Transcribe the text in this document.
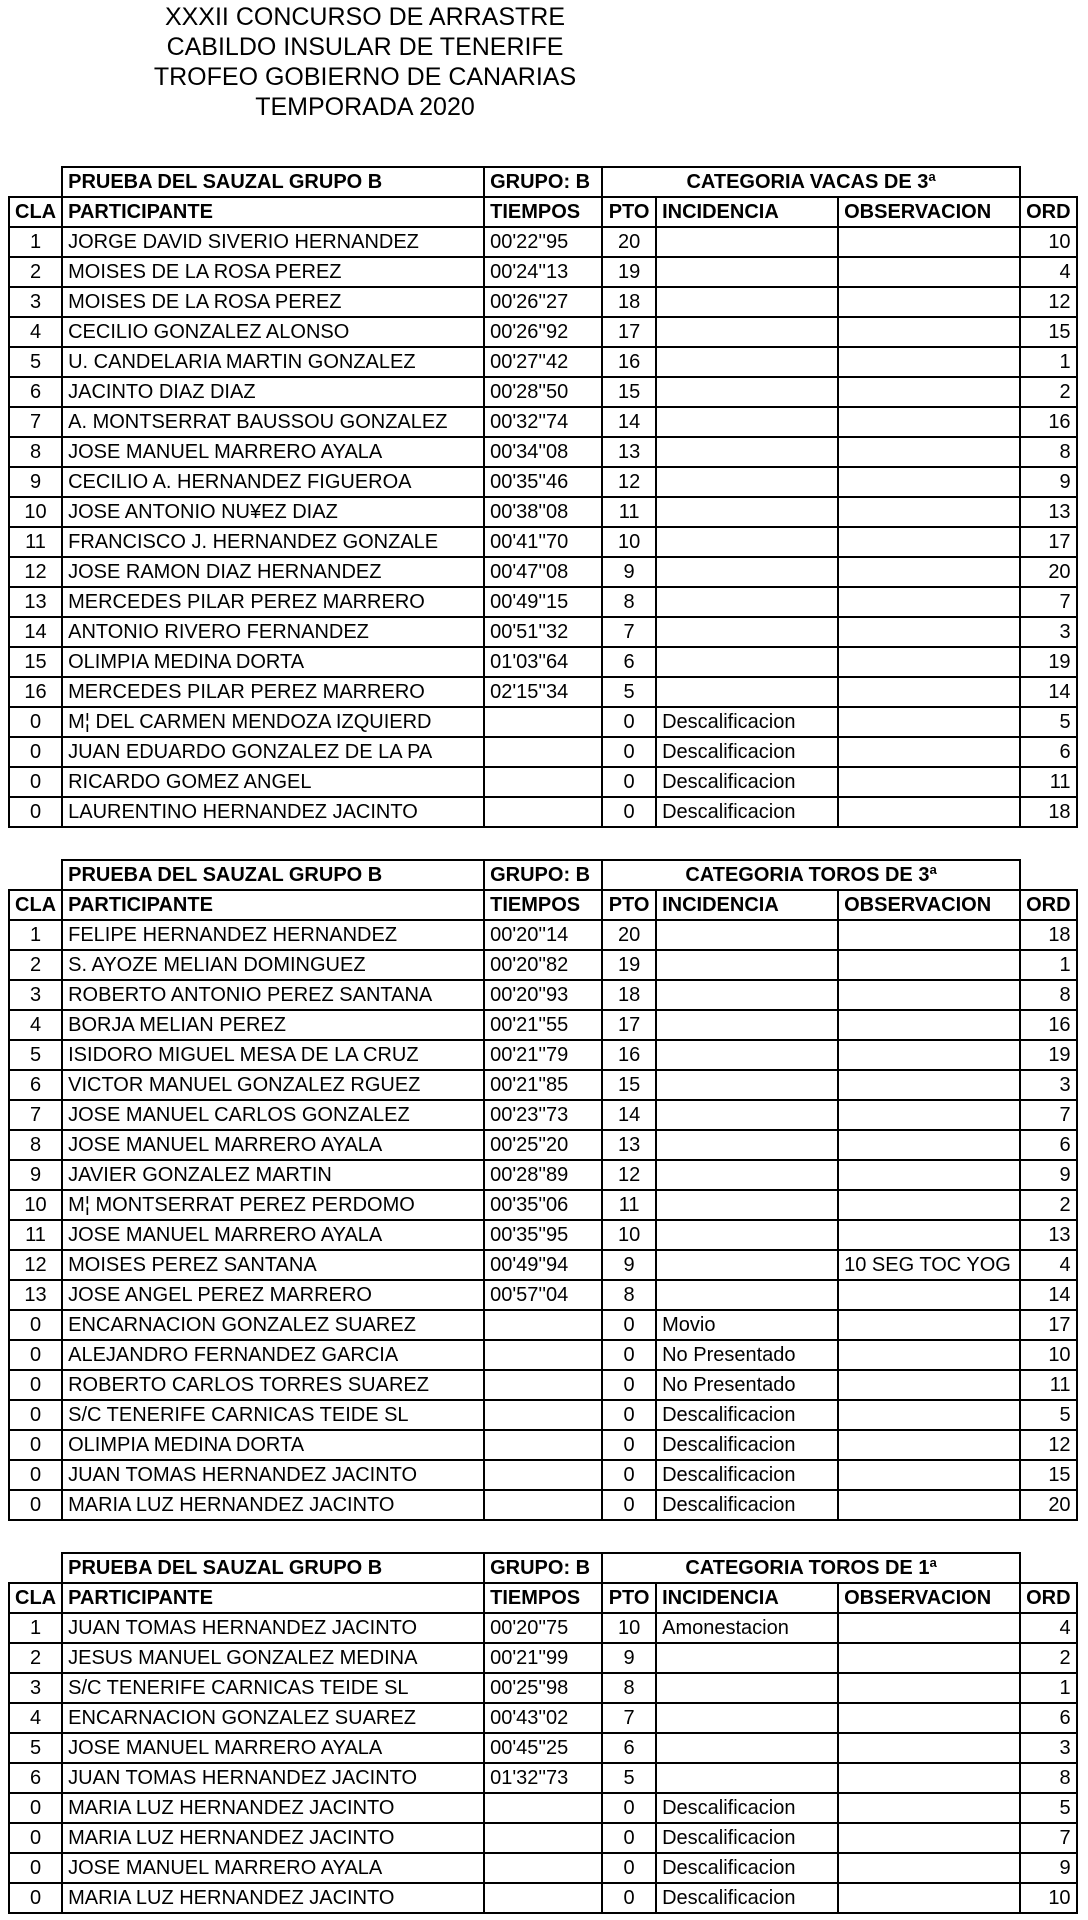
XXXII CONCURSO DE ARRASTRE
CABILDO INSULAR DE TENERIFE
TROFEO GOBIERNO DE CANARIAS
TEMPORADA 2020
	PRUEBA DEL SAUZAL GRUPO B	GRUPO: B	CATEGORIA VACAS DE 3ª			
CLA	PARTICIPANTE	TIEMPOS	PTO	INCIDENCIA	OBSERVACION	ORD
1	JORGE DAVID SIVERIO HERNANDEZ	00'22''95	20			10
2	MOISES DE LA ROSA PEREZ	00'24''13	19			4
3	MOISES DE LA ROSA PEREZ	00'26''27	18			12
4	CECILIO GONZALEZ ALONSO	00'26''92	17			15
5	U. CANDELARIA MARTIN GONZALEZ	00'27''42	16			1
6	JACINTO DIAZ DIAZ	00'28''50	15			2
7	A. MONTSERRAT BAUSSOU GONZALEZ	00'32''74	14			16
8	JOSE MANUEL MARRERO AYALA	00'34''08	13			8
9	CECILIO A. HERNANDEZ FIGUEROA	00'35''46	12			9
10	JOSE ANTONIO NU¥EZ DIAZ	00'38''08	11			13
11	FRANCISCO J. HERNANDEZ GONZALE	00'41''70	10			17
12	JOSE RAMON DIAZ HERNANDEZ	00'47''08	9			20
13	MERCEDES PILAR PEREZ MARRERO	00'49''15	8			7
14	ANTONIO RIVERO FERNANDEZ	00'51''32	7			3
15	OLIMPIA MEDINA DORTA	01'03''64	6			19
16	MERCEDES PILAR PEREZ MARRERO	02'15''34	5			14
0	M¦ DEL CARMEN MENDOZA IZQUIERD		0	Descalificacion		5
0	JUAN EDUARDO GONZALEZ DE LA PA		0	Descalificacion		6
0	RICARDO GOMEZ ANGEL		0	Descalificacion		11
0	LAURENTINO HERNANDEZ JACINTO		0	Descalificacion		18
	PRUEBA DEL SAUZAL GRUPO B	GRUPO: B	CATEGORIA TOROS DE 3ª			
CLA	PARTICIPANTE	TIEMPOS	PTO	INCIDENCIA	OBSERVACION	ORD
1	FELIPE HERNANDEZ HERNANDEZ	00'20''14	20			18
2	S. AYOZE MELIAN DOMINGUEZ	00'20''82	19			1
3	ROBERTO ANTONIO PEREZ SANTANA	00'20''93	18			8
4	BORJA MELIAN PEREZ	00'21''55	17			16
5	ISIDORO MIGUEL MESA DE LA CRUZ	00'21''79	16			19
6	VICTOR MANUEL GONZALEZ RGUEZ	00'21''85	15			3
7	JOSE MANUEL CARLOS GONZALEZ	00'23''73	14			7
8	JOSE MANUEL MARRERO AYALA	00'25''20	13			6
9	JAVIER GONZALEZ MARTIN	00'28''89	12			9
10	M¦ MONTSERRAT PEREZ PERDOMO	00'35''06	11			2
11	JOSE MANUEL MARRERO AYALA	00'35''95	10			13
12	MOISES PEREZ SANTANA	00'49''94	9		10 SEG TOC YOG	4
13	JOSE ANGEL PEREZ MARRERO	00'57''04	8			14
0	ENCARNACION GONZALEZ SUAREZ		0	Movio		17
0	ALEJANDRO FERNANDEZ GARCIA		0	No Presentado		10
0	ROBERTO CARLOS TORRES SUAREZ		0	No Presentado		11
0	S/C TENERIFE CARNICAS TEIDE SL		0	Descalificacion		5
0	OLIMPIA MEDINA DORTA		0	Descalificacion		12
0	JUAN TOMAS HERNANDEZ JACINTO		0	Descalificacion		15
0	MARIA LUZ HERNANDEZ JACINTO		0	Descalificacion		20
	PRUEBA DEL SAUZAL GRUPO B	GRUPO: B	CATEGORIA TOROS DE 1ª			
CLA	PARTICIPANTE	TIEMPOS	PTO	INCIDENCIA	OBSERVACION	ORD
1	JUAN TOMAS HERNANDEZ JACINTO	00'20''75	10	Amonestacion		4
2	JESUS MANUEL GONZALEZ MEDINA	00'21''99	9			2
3	S/C TENERIFE CARNICAS TEIDE SL	00'25''98	8			1
4	ENCARNACION GONZALEZ SUAREZ	00'43''02	7			6
5	JOSE MANUEL MARRERO AYALA	00'45''25	6			3
6	JUAN TOMAS HERNANDEZ JACINTO	01'32''73	5			8
0	MARIA LUZ HERNANDEZ JACINTO		0	Descalificacion		5
0	MARIA LUZ HERNANDEZ JACINTO		0	Descalificacion		7
0	JOSE MANUEL MARRERO AYALA		0	Descalificacion		9
0	MARIA LUZ HERNANDEZ JACINTO		0	Descalificacion		10
